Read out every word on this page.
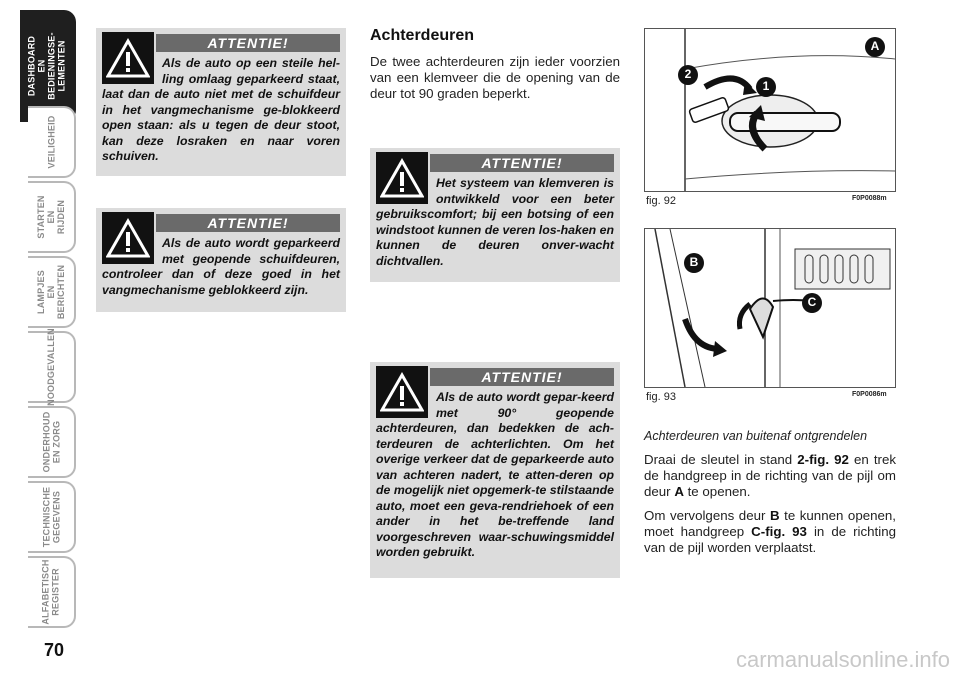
DASHBOARD EN
BEDIENINGSE-
LEMENTEN
VEILIGHEID
STARTEN EN
RIJDEN
LAMPJES EN
BERICHTEN
NOODGEVALLEN
ONDERHOUD
EN ZORG
TECHNISCHE
GEGEVENS
ALFABETISCH
REGISTER
70
ATTENTIE!

Als de auto op een steile hel-ling omlaag geparkeerd staat, laat dan de auto niet met de schuifdeur in het vangmechanisme ge-blokkeerd open staan: als u tegen de deur stoot, kan deze losraken en naar voren schuiven.

ATTENTIE!

Als de auto wordt geparkeerd met geopende schuifdeuren, controleer dan of deze goed in het vangmechanisme geblokkeerd zijn.

Achterdeuren

De twee achterdeuren zijn ieder voorzien van een klemveer die de opening van de deur tot 90 graden beperkt.

ATTENTIE!

Het systeem van klemveren is ontwikkeld voor een beter gebruikscomfort; bij een botsing of een windstoot kunnen de veren los-haken en kunnen de deuren onver-wacht dichtvallen.

ATTENTIE!

Als de auto wordt gepar-keerd met 90° geopende achterdeuren, dan bedekken de ach-terdeuren de achterlichten. Om het overige verkeer dat de geparkeerde auto van achteren nadert, te atten-deren op de mogelijk niet opgemerk-te stilstaande auto, moet een geva-rendriehoek of een ander in het be-treffende land voorgeschreven waar-schuwingsmiddel worden gebruikt.

A
2
1
fig. 92	F0P0088m
B
C
fig. 93	F0P0086m

Achterdeuren van buitenaf ontgrendelen

Draai de sleutel in stand 2-fig. 92 en trek de handgreep in de richting van de pijl om deur A te openen.

Om vervolgens deur B te kunnen openen, moet handgreep C-fig. 93 in de richting van de pijl worden verplaatst.

carmanualsonline.info
